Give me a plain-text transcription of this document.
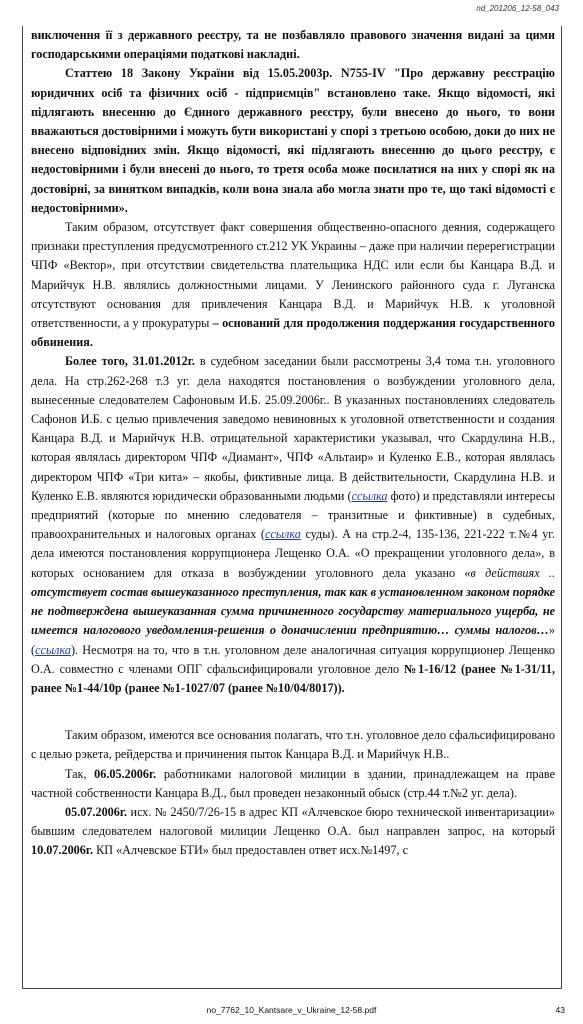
nd_201206_12-58_043

виключення її з державного реєстру, та не позбавляло правового значення видані за цими господарськими операціями податкові накладні.

Статтею 18 Закону України від 15.05.2003р. N755-IV "Про державну реєстрацію юридичних осіб та фізичних осіб - підприємців" встановлено таке. Якщо відомості, які підлягають внесенню до Єдиного державного реєстру, були внесено до нього, то вони вважаються достовірними і можуть бути використані у спорі з третьою особою, доки до них не внесено відповідних змін. Якщо відомості, які підлягають внесенню до цього реєстру, є недостовірними і були внесені до нього, то третя особа може посилатися на них у спорі як на достовірні, за винятком випадків, коли вона знала або могла знати про те, що такі відомості є недостовірними».

Таким образом, отсутствует факт совершения общественно-опасного деяния, содержащего признаки преступления предусмотренного ст.212 УК Украины – даже при наличии перерегистрации ЧПФ «Вектор», при отсутствии свидетельства плательщика НДС или если бы Канцара В.Д. и Марийчук Н.В. являлись должностными лицами. У Ленинского районного суда г. Луганска отсутствуют основания для привлечения Канцара В.Д. и Марийчук Н.В. к уголовной ответственности, а у прокуратуры – оснований для продолжения поддержания государственного обвинения.

Более того, 31.01.2012г. в судебном заседании были рассмотрены 3,4 тома т.н. уголовного дела. На стр.262-268 т.3 уг. дела находятся постановления о возбуждении уголовного дела, вынесенные следователем Сафоновым И.Б. 25.09.2006г.. В указанных постановлениях следователь Сафонов И.Б. с целью привлечения заведомо невиновных к уголовной ответственности и создания Канцара В.Д. и Марийчук Н.В. отрицательной характеристики указывал, что Скардулина Н.В., которая являлась директором ЧПФ «Диамант», ЧПФ «Альтаир» и Куленко Е.В., которая являлась директором ЧПФ «Три кита» – якобы, фиктивные лица. В действительности, Скардулина Н.В. и Куленко Е.В. являются юридически образованными людьми (ссылка фото) и представляли интересы предприятий (которые по мнению следователя – транзитные и фиктивные) в судебных, правоохранительных и налоговых органах (ссылка суды). А на стр.2-4, 135-136, 221-222 т.№4 уг. дела имеются постановления коррупционера Лещенко О.А. «О прекращении уголовного дела», в которых основанием для отказа в возбуждении уголовного дела указано «в действиях .. отсутствует состав вышеуказанного преступления, так как в установленном законом порядке не подтверждена вышеуказанная сумма причиненного государству материального ущерба, не имеется налогового уведомления-решения о доначислении предприятию… суммы налогов…» (ссылка). Несмотря на то, что в т.н. уголовном деле аналогичная ситуация коррупционер Лещенко О.А. совместно с членами ОПГ сфальсифицировали уголовное дело №1-16/12 (ранее №1-31/11, ранее №1-44/10р (ранее №1-1027/07 (ранее №10/04/8017)).

Таким образом, имеются все основания полагать, что т.н. уголовное дело сфальсифицировано с целью рэкета, рейдерства и причинения пыток Канцара В.Д. и Марийчук Н.В..

Так, 06.05.2006г. работниками налоговой милиции в здании, принадлежащем на праве частной собственности Канцара В.Д., был проведен незаконный обыск (стр.44 т.№2 уг. дела).

05.07.2006г. исх. № 2450/7/26-15 в адрес КП «Алчевское бюро технической инвентаризации» бывшим следователем налоговой милиции Лещенко О.А. был направлен запрос, на который 10.07.2006г. КП «Алчевское БТИ» был предоставлен ответ исх.№1497, с

no_7762_10_Kantsare_v_Ukraine_12-58.pdf	43
